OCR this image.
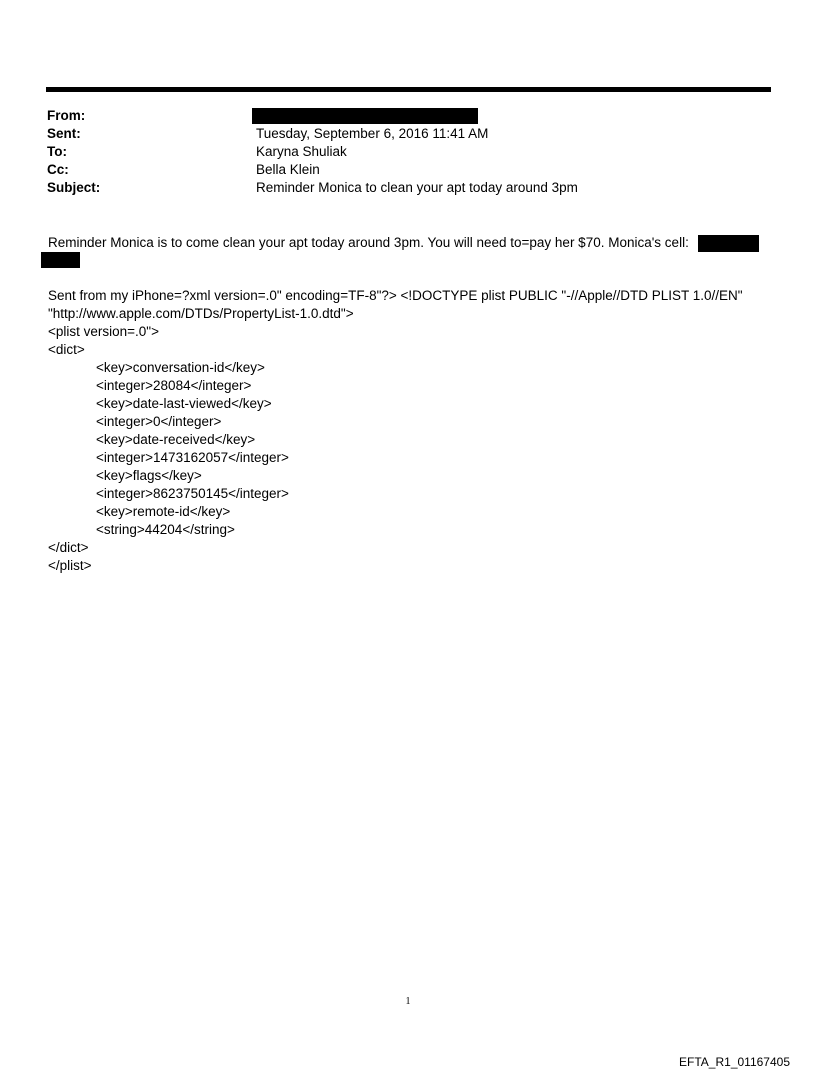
From:
Sent:	Tuesday, September 6, 2016 11:41 AM
To:	Karyna Shuliak
Cc:	Bella Klein
Subject:	Reminder Monica to clean your apt today around 3pm
Reminder Monica is to come clean your apt today around 3pm. You will need to=pay her $70. Monica's cell:
Sent from my iPhone=?xml version=.0" encoding=TF-8"?> <!DOCTYPE plist PUBLIC "-//Apple//DTD PLIST 1.0//EN"
"http://www.apple.com/DTDs/PropertyList-1.0.dtd">
<plist version=.0">
<dict>
<key>conversation-id</key>
<integer>28084</integer>
<key>date-last-viewed</key>
<integer>0</integer>
<key>date-received</key>
<integer>1473162057</integer>
<key>flags</key>
<integer>8623750145</integer>
<key>remote-id</key>
<string>44204</string>
</dict>
</plist>
1
EFTA_R1_01167405
